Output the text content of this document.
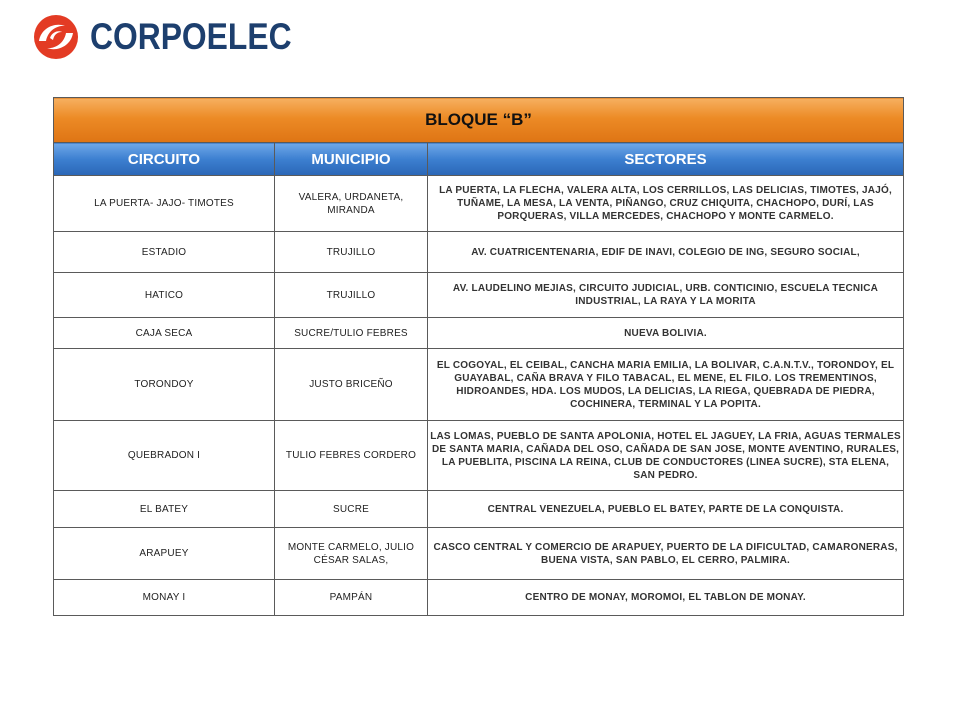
CORPOELEC
BLOQUE “B”		
CIRCUITO	MUNICIPIO	SECTORES
LA PUERTA- JAJO- TIMOTES	VALERA, URDANETA, MIRANDA	LA PUERTA, LA FLECHA, VALERA ALTA, LOS CERRILLOS, LAS DELICIAS, TIMOTES, JAJÓ, TUÑAME, LA MESA, LA VENTA, PIÑANGO, CRUZ CHIQUITA, CHACHOPO, DURÍ, LAS PORQUERAS, VILLA MERCEDES, CHACHOPO Y MONTE CARMELO.
ESTADIO	TRUJILLO	AV. CUATRICENTENARIA, EDIF DE INAVI, COLEGIO DE ING, SEGURO SOCIAL,
HATICO	TRUJILLO	AV. LAUDELINO MEJIAS, CIRCUITO JUDICIAL, URB. CONTICINIO, ESCUELA TECNICA INDUSTRIAL, LA RAYA Y LA MORITA
CAJA SECA	SUCRE/TULIO FEBRES	NUEVA BOLIVIA.
TORONDOY	JUSTO BRICEÑO	EL COGOYAL, EL CEIBAL, CANCHA MARIA EMILIA, LA BOLIVAR, C.A.N.T.V., TORONDOY, EL GUAYABAL, CAÑA BRAVA Y FILO TABACAL, EL MENE, EL FILO. LOS TREMENTINOS, HIDROANDES, HDA. LOS MUDOS, LA DELICIAS, LA RIEGA, QUEBRADA DE PIEDRA, COCHINERA, TERMINAL Y LA POPITA.
QUEBRADON I	TULIO FEBRES CORDERO	LAS LOMAS, PUEBLO DE SANTA APOLONIA, HOTEL EL JAGUEY, LA FRIA, AGUAS TERMALES DE SANTA MARIA, CAÑADA DEL OSO, CAÑADA DE SAN JOSE, MONTE AVENTINO, RURALES, LA PUEBLITA, PISCINA LA REINA, CLUB DE CONDUCTORES (LINEA SUCRE), STA ELENA, SAN PEDRO.
EL BATEY	SUCRE	CENTRAL VENEZUELA, PUEBLO EL BATEY, PARTE DE LA CONQUISTA.
ARAPUEY	MONTE CARMELO, JULIO CÉSAR SALAS,	CASCO CENTRAL Y COMERCIO DE ARAPUEY, PUERTO DE LA DIFICULTAD, CAMARONERAS, BUENA VISTA, SAN PABLO, EL CERRO, PALMIRA.
MONAY I	PAMPÁN	CENTRO DE MONAY, MOROMOI, EL TABLON DE MONAY.
